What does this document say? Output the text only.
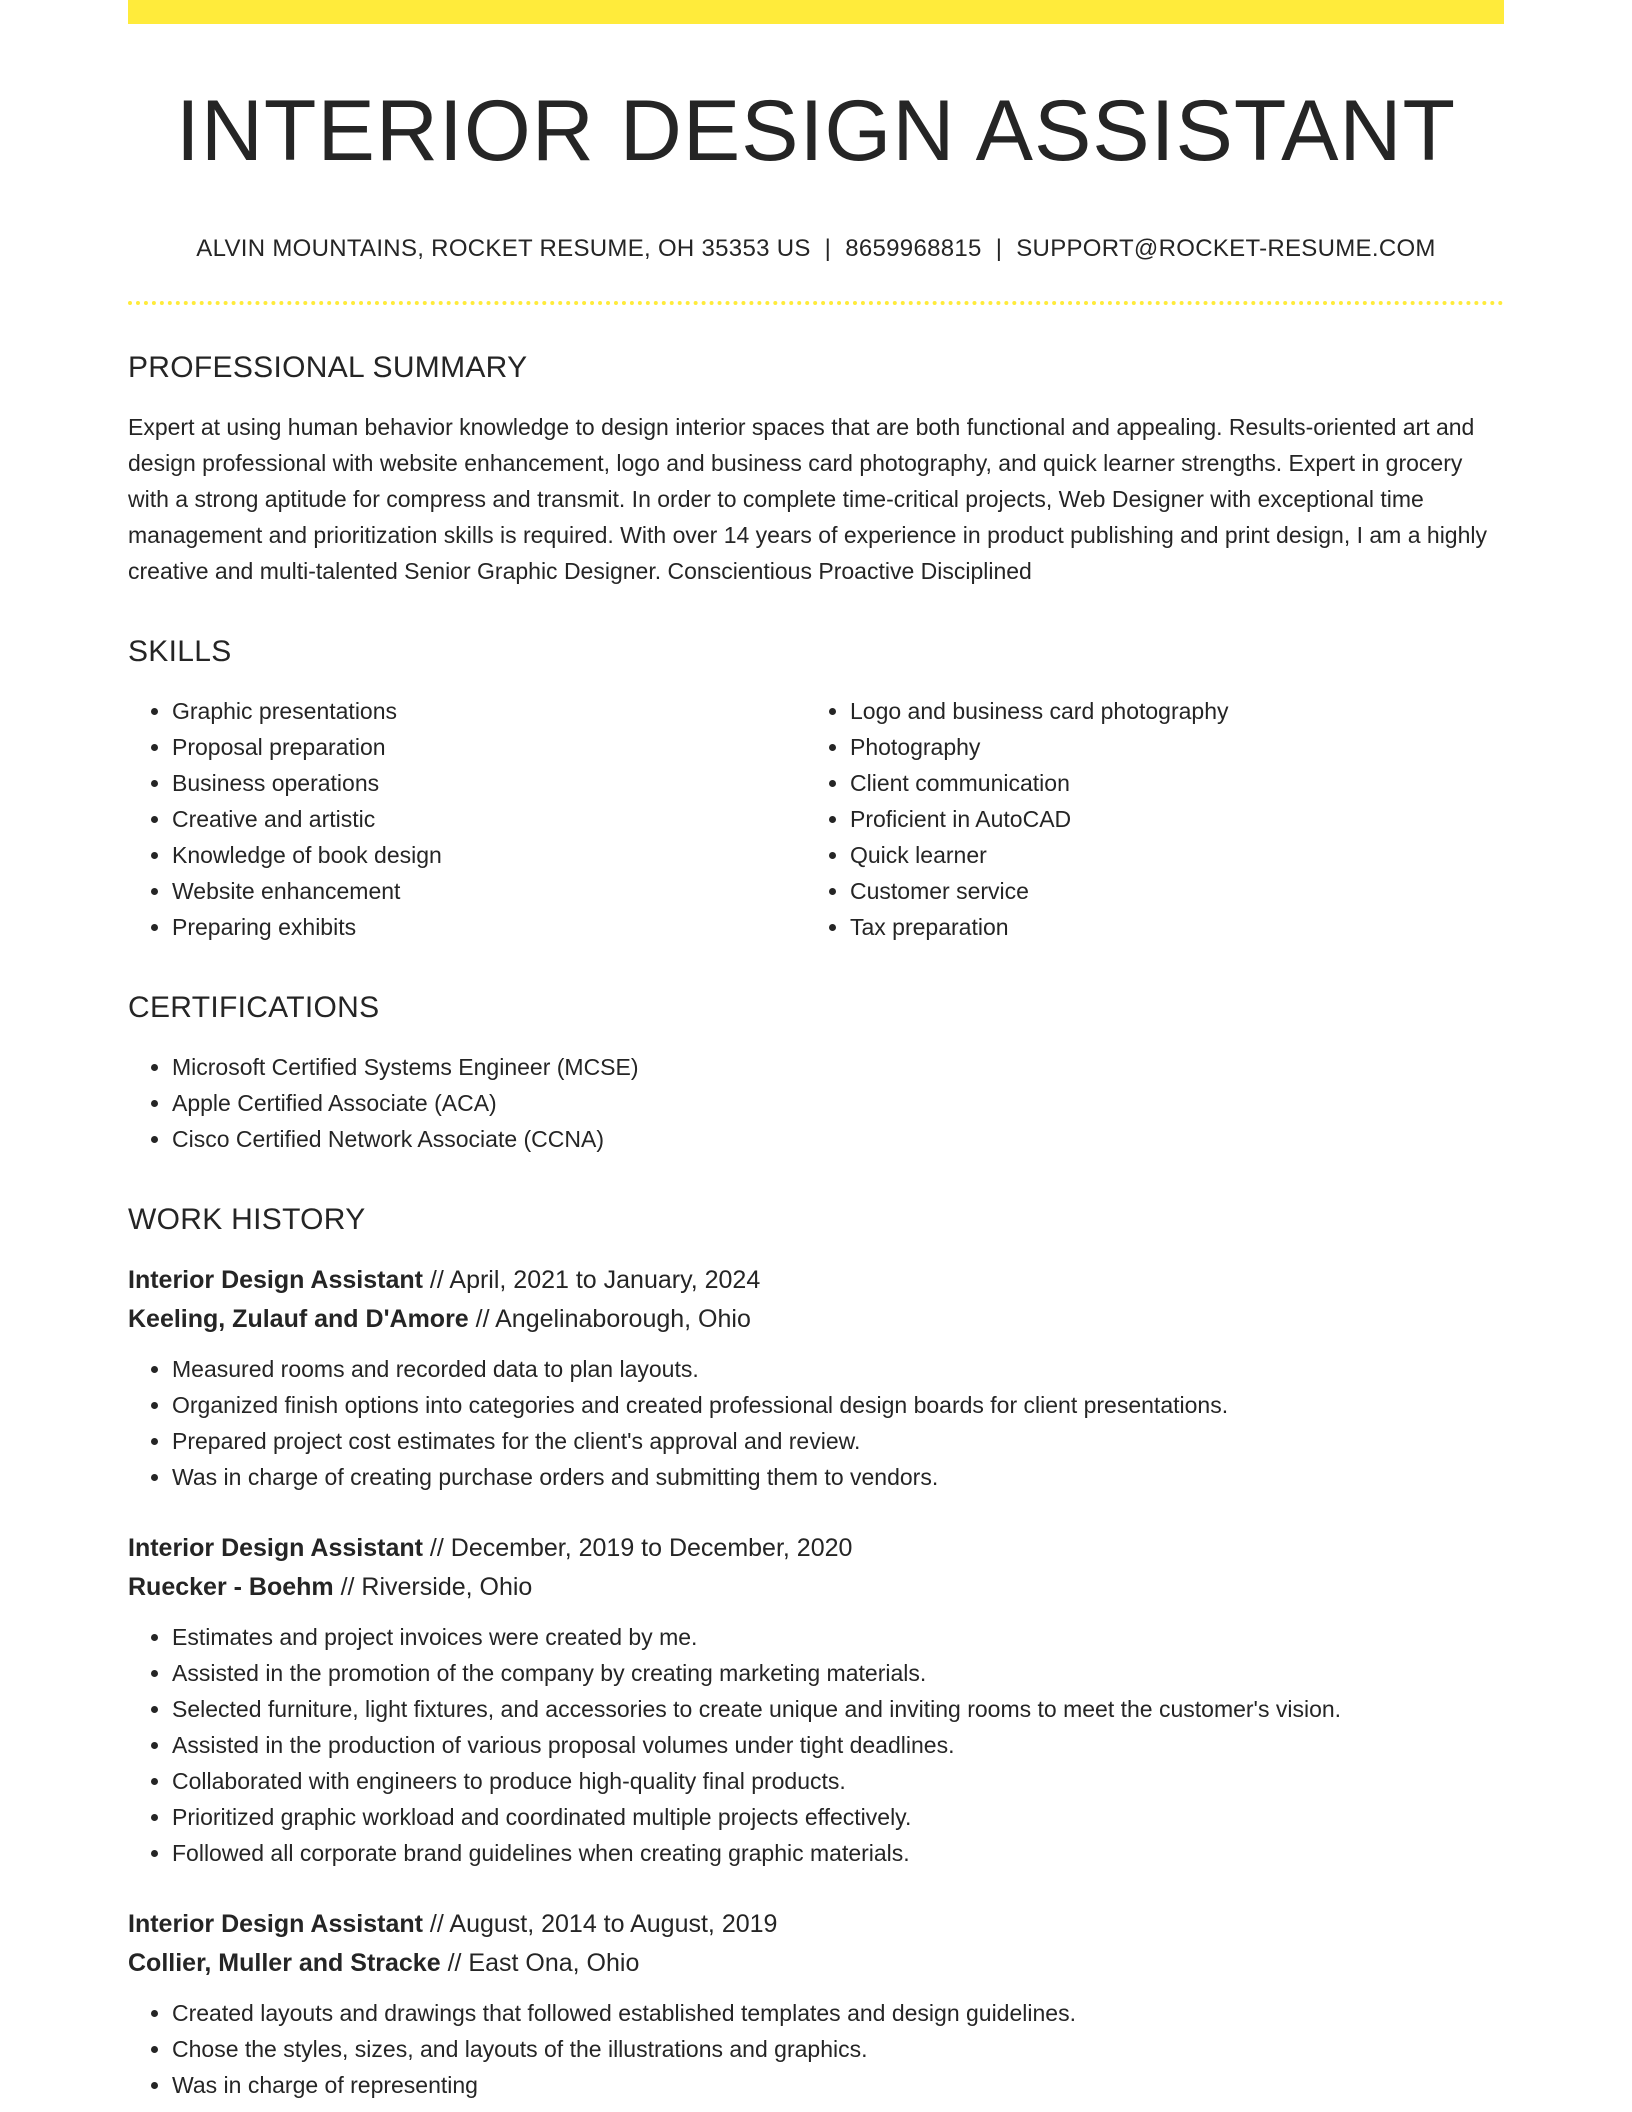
INTERIOR DESIGN ASSISTANT
ALVIN MOUNTAINS, ROCKET RESUME, OH 35353 US | 8659968815 | SUPPORT@ROCKET-RESUME.COM
PROFESSIONAL SUMMARY

Expert at using human behavior knowledge to design interior spaces that are both functional and appealing. Results-oriented art and design professional with website enhancement, logo and business card photography, and quick learner strengths. Expert in grocery with a strong aptitude for compress and transmit. In order to complete time-critical projects, Web Designer with exceptional time management and prioritization skills is required. With over 14 years of experience in product publishing and print design, I am a highly creative and multi-talented Senior Graphic Designer. Conscientious Proactive Disciplined

SKILLS
• Graphic presentations
• Proposal preparation
• Business operations
• Creative and artistic
• Knowledge of book design
• Website enhancement
• Preparing exhibits
• Logo and business card photography
• Photography
• Client communication
• Proficient in AutoCAD
• Quick learner
• Customer service
• Tax preparation
CERTIFICATIONS
• Microsoft Certified Systems Engineer (MCSE)
• Apple Certified Associate (ACA)
• Cisco Certified Network Associate (CCNA)
WORK HISTORY
Interior Design Assistant // April, 2021 to January, 2024
Keeling, Zulauf and D'Amore // Angelinaborough, Ohio
• Measured rooms and recorded data to plan layouts.
• Organized finish options into categories and created professional design boards for client presentations.
• Prepared project cost estimates for the client's approval and review.
• Was in charge of creating purchase orders and submitting them to vendors.
Interior Design Assistant // December, 2019 to December, 2020
Ruecker - Boehm // Riverside, Ohio
• Estimates and project invoices were created by me.
• Assisted in the promotion of the company by creating marketing materials.
• Selected furniture, light fixtures, and accessories to create unique and inviting rooms to meet the customer's vision.
• Assisted in the production of various proposal volumes under tight deadlines.
• Collaborated with engineers to produce high-quality final products.
• Prioritized graphic workload and coordinated multiple projects effectively.
• Followed all corporate brand guidelines when creating graphic materials.
Interior Design Assistant // August, 2014 to August, 2019
Collier, Muller and Stracke // East Ona, Ohio
• Created layouts and drawings that followed established templates and design guidelines.
• Chose the styles, sizes, and layouts of the illustrations and graphics.
• Was in charge of representing
